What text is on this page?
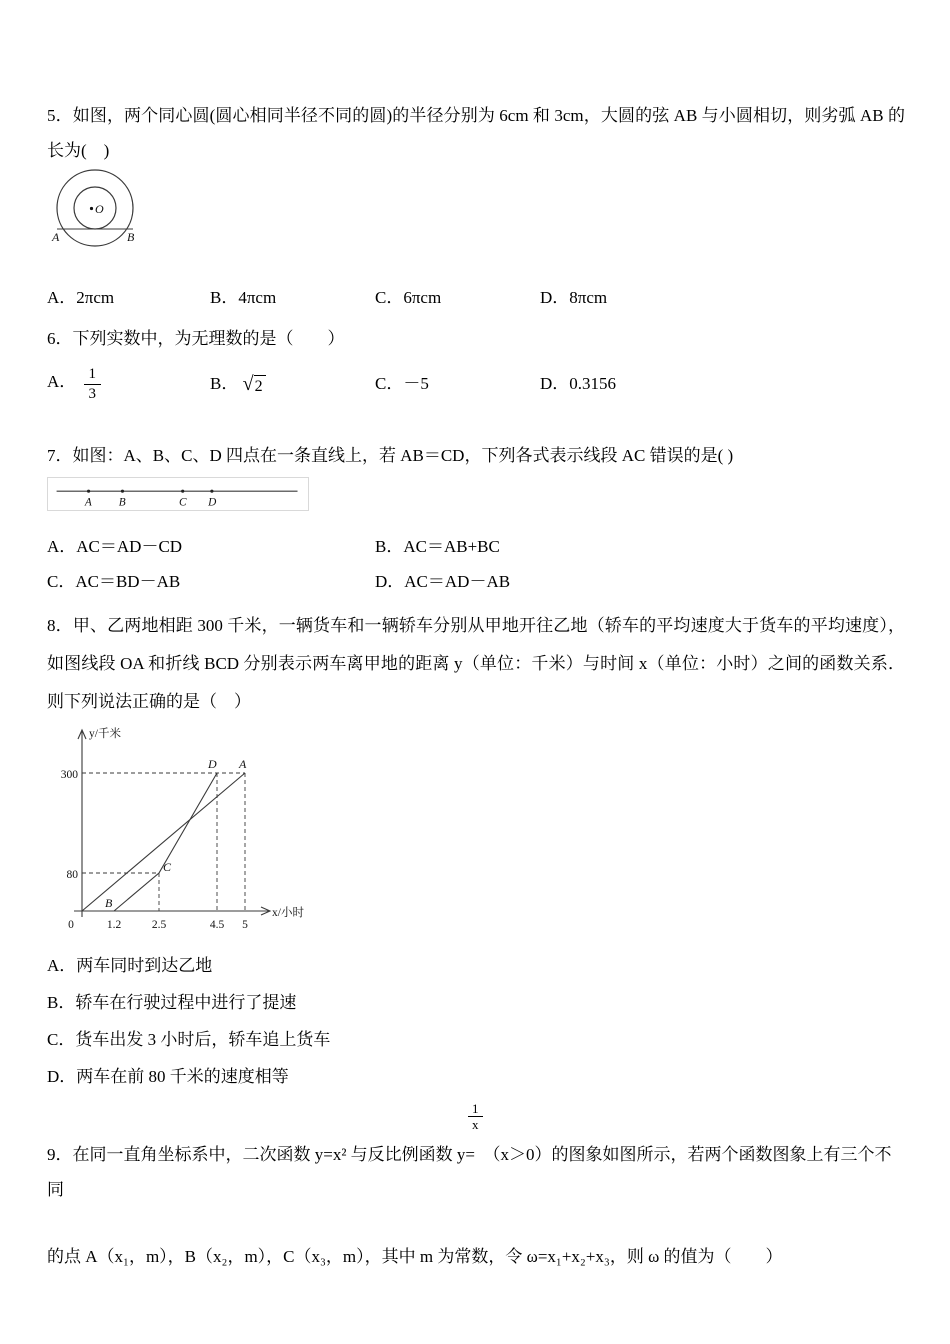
5．如图，两个同心圆(圆心相同半径不同的圆)的半径分别为 6cm 和 3cm，大圆的弦 AB 与小圆相切，则劣弧 AB 的长为(　)

O
A	B
A．2πcm	B．4πcm	C．6πcm	D．8πcm

6．下列实数中，为无理数的是（　　）

A． $\frac{1}{3}$	B． √ 2	C．－5	D．0.3156

7．如图：A、B、C、D 四点在一条直线上，若 AB＝CD，下列各式表示线段 AC 错误的是( )

A B	C D
A．AC＝AD－CD	B．AC＝AB+BC
C．AC＝BD－AB	D．AC＝AD－AB

8．甲、乙两地相距 300 千米，一辆货车和一辆轿车分别从甲地开往乙地（轿车的平均速度大于货车的平均速度），如图线段 OA 和折线 BCD 分别表示两车离甲地的距离 y（单位：千米）与时间 x（单位：小时）之间的函数关系．则下列说法正确的是（　）

y/千米
x/小时
300
80
0	1.2	2.5	4.5 5
D A
C
B

A．两车同时到达乙地

B．轿车在行驶过程中进行了提速

C．货车出发 3 小时后，轿车追上货车

D．两车在前 80 千米的速度相等

$\frac{1}{x}$

9．在同一直角坐标系中，二次函数 y=x² 与反比例函数 y=　（x＞0）的图象如图所示，若两个函数图象上有三个不同

的点 A（x₁，m），B（x₂，m），C（x₃，m），其中 m 为常数，令 ω=x₁+x₂+x₃，则 ω 的值为（　　）
